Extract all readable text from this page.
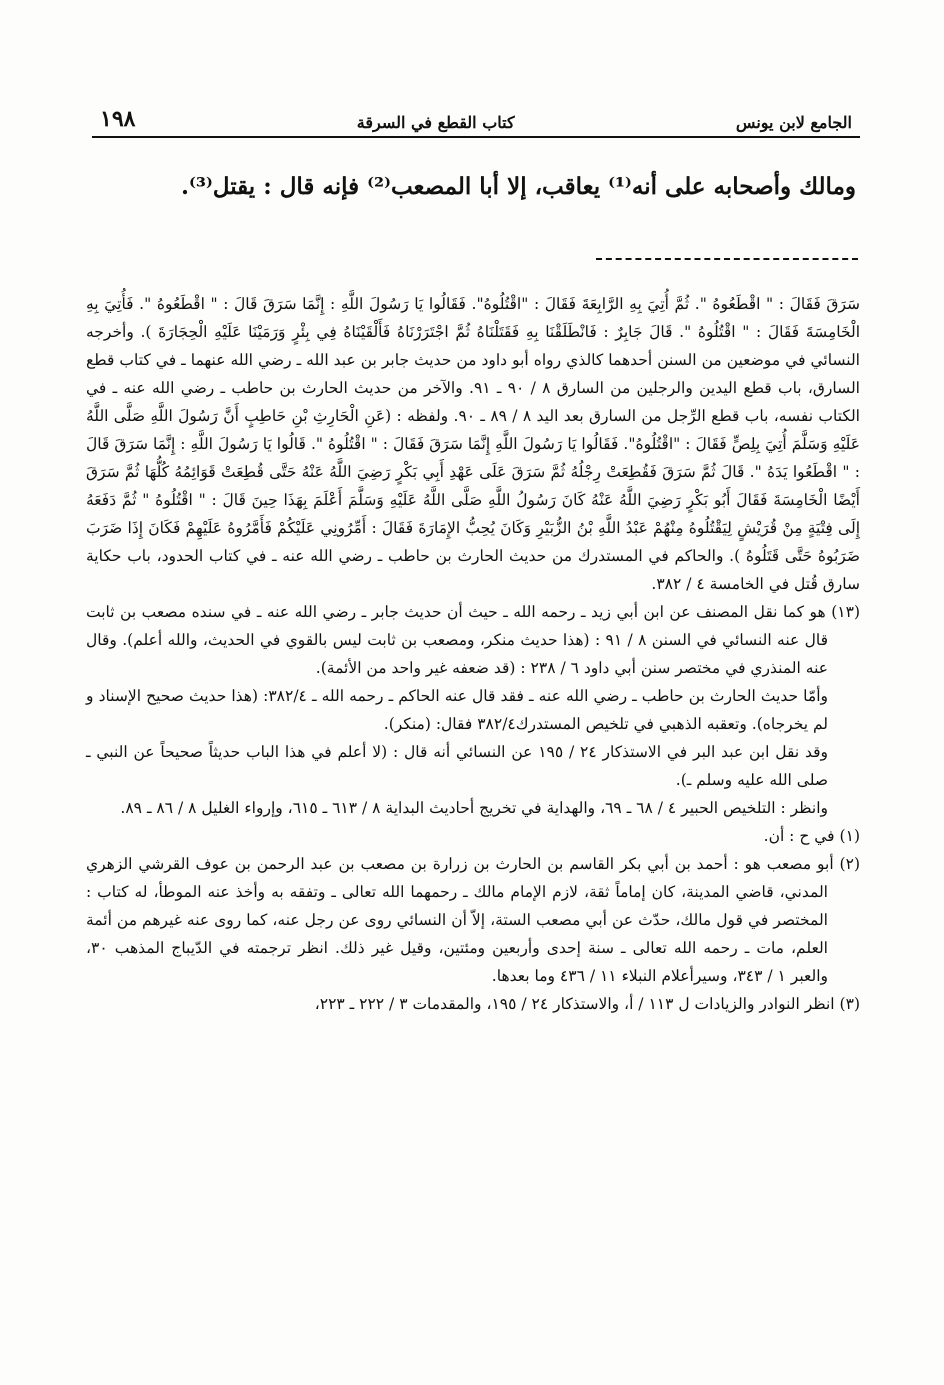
الجامع لابن يونس
كتاب القطع في السرقة
١٩٨
ومالك وأصحابه على أنه⁽¹⁾ يعاقب، إلا أبا المصعب⁽²⁾ فإنه قال : يقتل⁽³⁾.

سَرَقَ فَقَالَ : " اقْطَعُوهُ ". ثُمَّ أُتِيَ بِهِ الرَّابِعَةَ فَقَالَ : "اقْتُلُوهُ". فَقَالُوا يَا رَسُولَ اللَّهِ : إِنَّمَا سَرَقَ قَالَ : " اقْطَعُوهُ ". فَأُتِيَ بِهِ الْخَامِسَةَ فَقَالَ : " اقْتُلُوهُ ". قَالَ جَابِرٌ : فَانْطَلَقْنَا بِهِ فَقَتَلْنَاهُ ثُمَّ اجْتَرَرْنَاهُ فَأَلْقَيْنَاهُ فِي بِئْرٍ وَرَمَيْنَا عَلَيْهِ الْحِجَارَةَ ). وأخرجه النسائي في موضعين من السنن أحدهما كالذي رواه أبو داود من حديث جابر بن عبد الله ـ رضي الله عنهما ـ في كتاب قطع السارق، باب قطع اليدين والرجلين من السارق ٨ / ٩٠ ـ ٩١. والآخر من حديث الحارث بن حاطب ـ رضي الله عنه ـ في الكتاب نفسه، باب قطع الرِّجل من السارق بعد اليد ٨ / ٨٩ ـ ٩٠. ولفظه : (عَنِ الْحَارِثِ بْنِ حَاطِبٍ أَنَّ رَسُولَ اللَّهِ صَلَّى اللَّهُ عَلَيْهِ وَسَلَّمَ أُتِيَ بِلِصٍّ فَقَالَ : "اقْتُلُوهُ". فَقَالُوا يَا رَسُولَ اللَّهِ إِنَّمَا سَرَقَ فَقَالَ : " اقْتُلُوهُ ". قَالُوا يَا رَسُولَ اللَّهِ : إِنَّمَا سَرَقَ قَالَ : " اقْطَعُوا يَدَهُ ". قَالَ ثُمَّ سَرَقَ فَقُطِعَتْ رِجْلُهُ ثُمَّ سَرَقَ عَلَى عَهْدِ أَبِي بَكْرٍ رَضِيَ اللَّهُ عَنْهُ حَتَّى قُطِعَتْ قَوَائِمُهُ كُلُّهَا ثُمَّ سَرَقَ أَيْضًا الْخَامِسَةَ فَقَالَ أَبُو بَكْرٍ رَضِيَ اللَّهُ عَنْهُ كَانَ رَسُولُ اللَّهِ صَلَّى اللَّهُ عَلَيْهِ وَسَلَّمَ أَعْلَمَ بِهَذَا حِينَ قَالَ : " اقْتُلُوهُ " ثُمَّ دَفَعَهُ إِلَى فِتْيَةٍ مِنْ قُرَيْشٍ لِيَقْتُلُوهُ مِنْهُمْ عَبْدُ اللَّهِ بْنُ الزُّبَيْرِ وَكَانَ يُحِبُّ الإِمَارَةَ فَقَالَ : أَمِّرُونِي عَلَيْكُمْ فَأَمَّرُوهُ عَلَيْهِمْ فَكَانَ إِذَا ضَرَبَ ضَرَبُوهُ حَتَّى قَتَلُوهُ ). والحاكم في المستدرك من حديث الحارث بن حاطب ـ رضي الله عنه ـ في كتاب الحدود، باب حكاية سارق قُتل في الخامسة ٤ / ٣٨٢.

(١٣) هو كما نقل المصنف عن ابن أبي زيد ـ رحمه الله ـ حيث أن حديث جابر ـ رضي الله عنه ـ في سنده مصعب بن ثابت قال عنه النسائي في السنن ٨ / ٩١ : (هذا حديث منكر، ومصعب بن ثابت ليس بالقوي في الحديث، والله أعلم). وقال عنه المنذري في مختصر سنن أبي داود ٦ / ٢٣٨ : (قد ضعفه غير واحد من الأئمة).
وأمّا حديث الحارث بن حاطب ـ رضي الله عنه ـ فقد قال عنه الحاكم ـ رحمه الله ـ ٣٨٢/٤: (هذا حديث صحيح الإسناد و لم يخرجاه). وتعقبه الذهبي في تلخيص المستدرك٣٨٢/٤ فقال: (منكر).
وقد نقل ابن عبد البر في الاستذكار ٢٤ / ١٩٥ عن النسائي أنه قال : (لا أعلم في هذا الباب حديثاً صحيحاً عن النبي ـ صلى الله عليه وسلم ـ).
وانظر : التلخيص الحبير ٤ / ٦٨ ـ ٦٩، والهداية في تخريج أحاديث البداية ٨ / ٦١٣ ـ ٦١٥، وإرواء الغليل ٨ / ٨٦ ـ ٨٩.
(١) في ح : أن.
(٢) أبو مصعب هو : أحمد بن أبي بكر القاسم بن الحارث بن زرارة بن مصعب بن عبد الرحمن بن عوف القرشي الزهري المدني، قاضي المدينة، كان إماماً ثقة، لازم الإمام مالك ـ رحمهما الله تعالى ـ وتفقه به وأخذ عنه الموطأ، له كتاب : المختصر في قول مالك، حدّث عن أبي مصعب الستة، إلاّ أن النسائي روى عن رجل عنه، كما روى عنه غيرهم من أئمة العلم، مات ـ رحمه الله تعالى ـ سنة إحدى وأربعين ومئتين، وقيل غير ذلك. انظر ترجمته في الدّيباج المذهب ٣٠، والعبر ١ / ٣٤٣، وسيرأعلام النبلاء ١١ / ٤٣٦ وما بعدها.
(٣) انظر النوادر والزيادات ل ١١٣ / أ، والاستذكار ٢٤ / ١٩٥، والمقدمات ٣ / ٢٢٢ ـ ٢٢٣،
